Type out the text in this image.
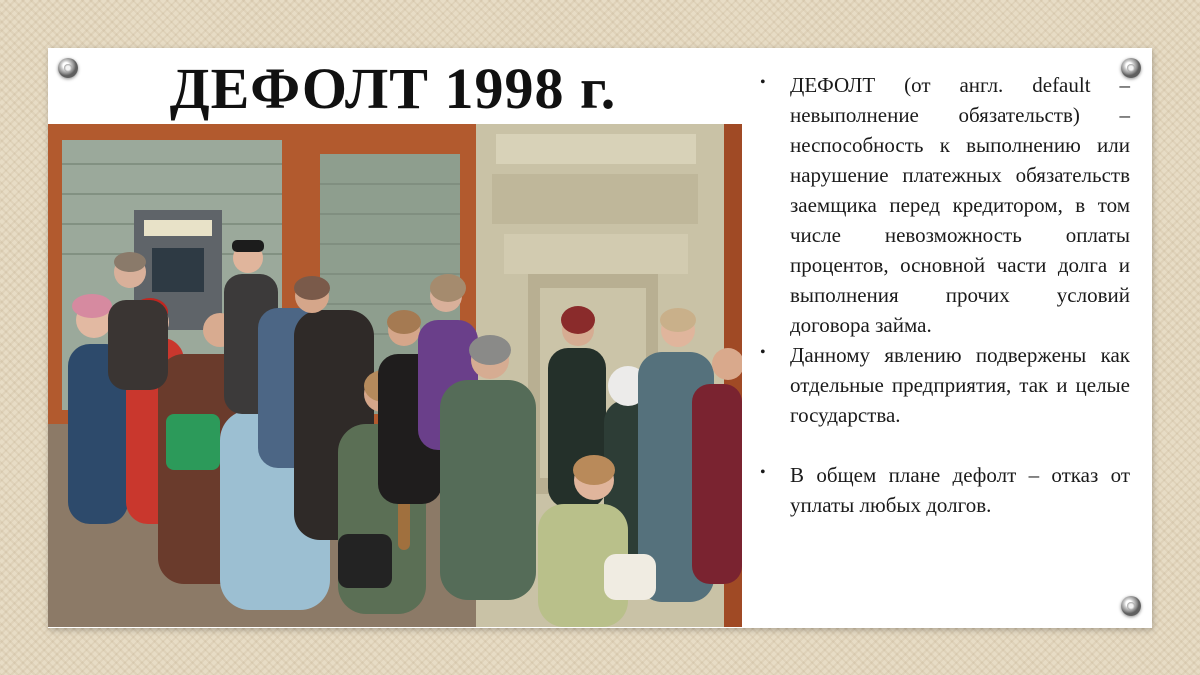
ДЕФОЛТ 1998 г.	• ДЕФОЛТ (от англ. default – невыполнение обязательств) – неспособность к выполнению или нарушение платежных обязательств заемщика перед кредитором, в том числе невозможность оплаты процентов, основной части долга и выполнения прочих условий договора займа.
• Данному явлению подвержены как отдельные предприятия, так и целые государства.
• В общем плане дефолт – отказ от уплаты любых долгов.
